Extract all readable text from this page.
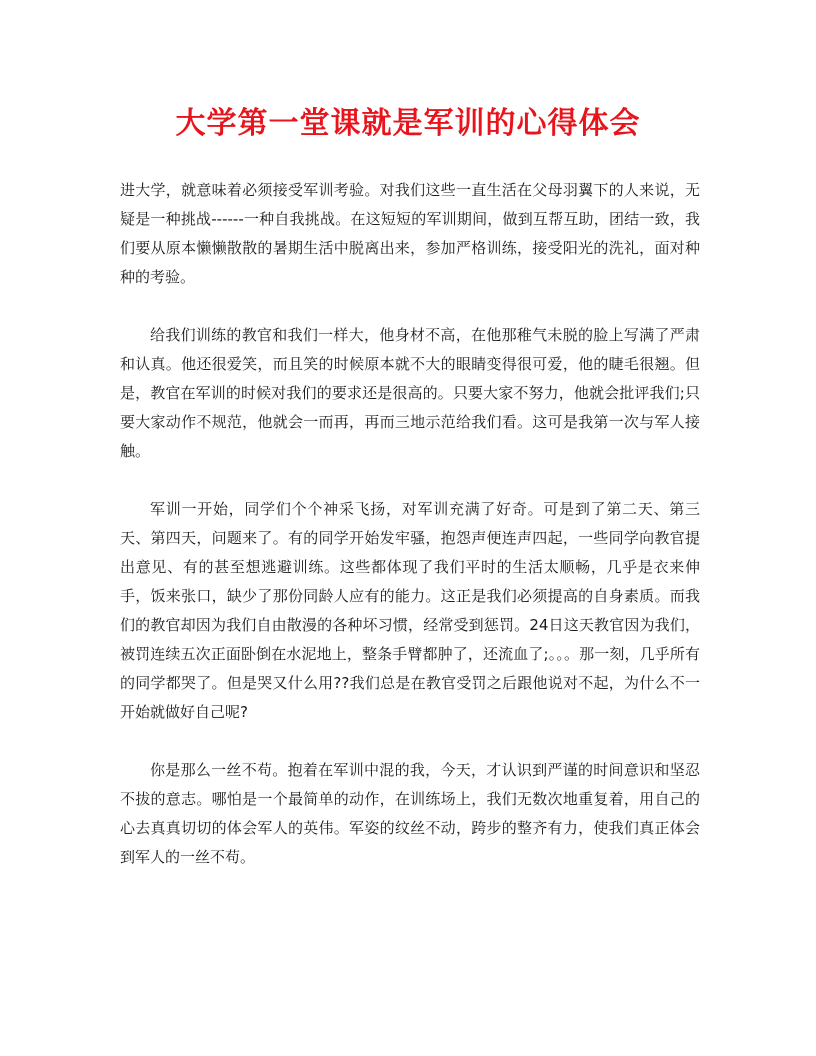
大学第一堂课就是军训的心得体会

进大学，就意味着必须接受军训考验。对我们这些一直生活在父母羽翼下的人来说，无疑是一种挑战------一种自我挑战。在这短短的军训期间，做到互帮互助，团结一致，我们要从原本懒懒散散的暑期生活中脱离出来，参加严格训练，接受阳光的洗礼，面对种种的考验。

给我们训练的教官和我们一样大，他身材不高，在他那稚气未脱的脸上写满了严肃和认真。他还很爱笑，而且笑的时候原本就不大的眼睛变得很可爱，他的睫毛很翘。但是，教官在军训的时候对我们的要求还是很高的。只要大家不努力，他就会批评我们;只要大家动作不规范，他就会一而再，再而三地示范给我们看。这可是我第一次与军人接触。

军训一开始，同学们个个神采飞扬，对军训充满了好奇。可是到了第二天、第三天、第四天，问题来了。有的同学开始发牢骚，抱怨声便连声四起，一些同学向教官提出意见、有的甚至想逃避训练。这些都体现了我们平时的生活太顺畅，几乎是衣来伸手，饭来张口，缺少了那份同龄人应有的能力。这正是我们必须提高的自身素质。而我们的教官却因为我们自由散漫的各种坏习惯，经常受到惩罚。24日这天教官因为我们，被罚连续五次正面卧倒在水泥地上，整条手臂都肿了，还流血了;。。。那一刻，几乎所有的同学都哭了。但是哭又什么用??我们总是在教官受罚之后跟他说对不起，为什么不一开始就做好自己呢?

你是那么一丝不苟。抱着在军训中混的我，今天，才认识到严谨的时间意识和坚忍不拔的意志。哪怕是一个最简单的动作，在训练场上，我们无数次地重复着，用自己的心去真真切切的体会军人的英伟。军姿的纹丝不动，跨步的整齐有力，使我们真正体会到军人的一丝不苟。
